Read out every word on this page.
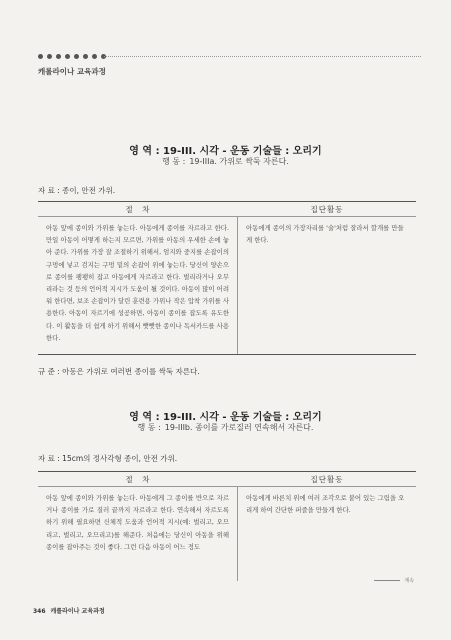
캐롤라이나 교육과정
영 역 : 19-III. 시각 - 운동 기술들 : 오리기
행 동 : 19-IIIa. 가위로 싹둑 자른다.
자 료 : 종이, 안전 가위.
절　차	집단활동
아동 앞에 종이와 가위를 놓는다. 아동에게 종이를 자르라고 한다. 만일 아동이 어떻게 하는지 모르면, 가위를 아동의 우세한 손에 놓아 준다. 가위를 가장 잘 조절하기 위해서, 엄지와 중지를 손잡이의 구멍에 넣고 검지는 구멍 밑의 손잡이 위에 놓는다. 당신이 양손으로 종이를 팽팽히 잡고 아동에게 자르라고 한다. 벌리라거나 오무리라는 것 등의 언어적 지시가 도움이 될 것이다. 아동이 많이 어려워 한다면, 보조 손잡이가 달린 훈련용 가위나 작은 압착 가위를 사용한다. 아동이 자르기에 성공하면, 아동이 종이를 잡도록 유도한다. 이 활동을 더 쉽게 하기 위해서 빳빳한 종이나 독서카드를 사용한다.
아동에게 종이의 가장자리를 '술'처럼 잘라서 깔개를 만들게 한다.
규 준 : 아동은 가위로 여러번 종이를 싹둑 자른다.
영 역 : 19-III. 시각 - 운동 기술들 : 오리기
행 동 : 19-IIIb. 종이를 가로질러 연속해서 자른다.
자 료 : 15cm의 정사각형 종이, 안전 가위.
절　차	집단활동
아동 앞에 종이와 가위를 놓는다. 아동에게 그 종이를 반으로 자르거나 종이를 가로 질러 끝까지 자르라고 한다. 연속해서 자르도록 하기 위해 필요하면 신체적 도움과 언어적 지시(예: 벌리고, 오므리고, 벌리고, 오므리고)를 해준다. 처음에는 당신이 아동을 위해 종이를 잡아주는 것이 좋다. 그런 다음 아동이 어느 정도
아동에게 바른치 위에 여러 조각으로 붙어 있는 그림을 오리게 하여 간단한 퍼즐을 만들게 한다.
계속
346 캐롤라이나 교육과정
